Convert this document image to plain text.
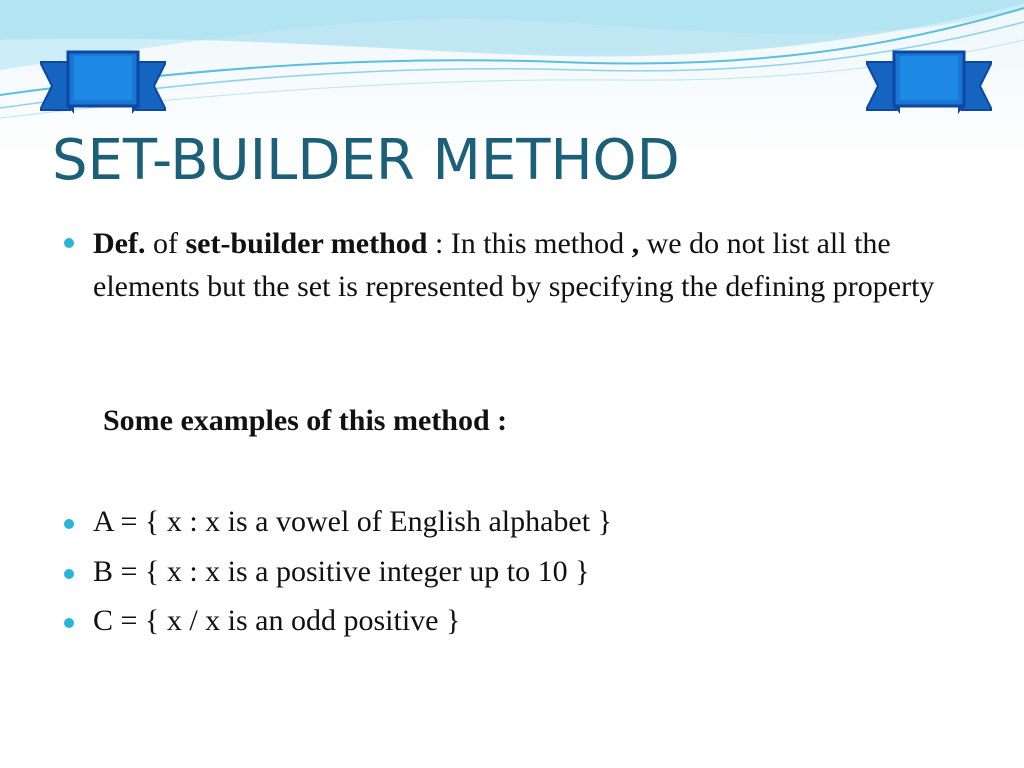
SET-BUILDER METHOD
Def. of set-builder method : In this method , we do not list all the elements but the set is represented by specifying the defining property
Some examples of this method :
A = { x : x is a vowel of English alphabet }
B = { x : x is a positive integer up to 10 }
C = { x / x is an odd positive }
